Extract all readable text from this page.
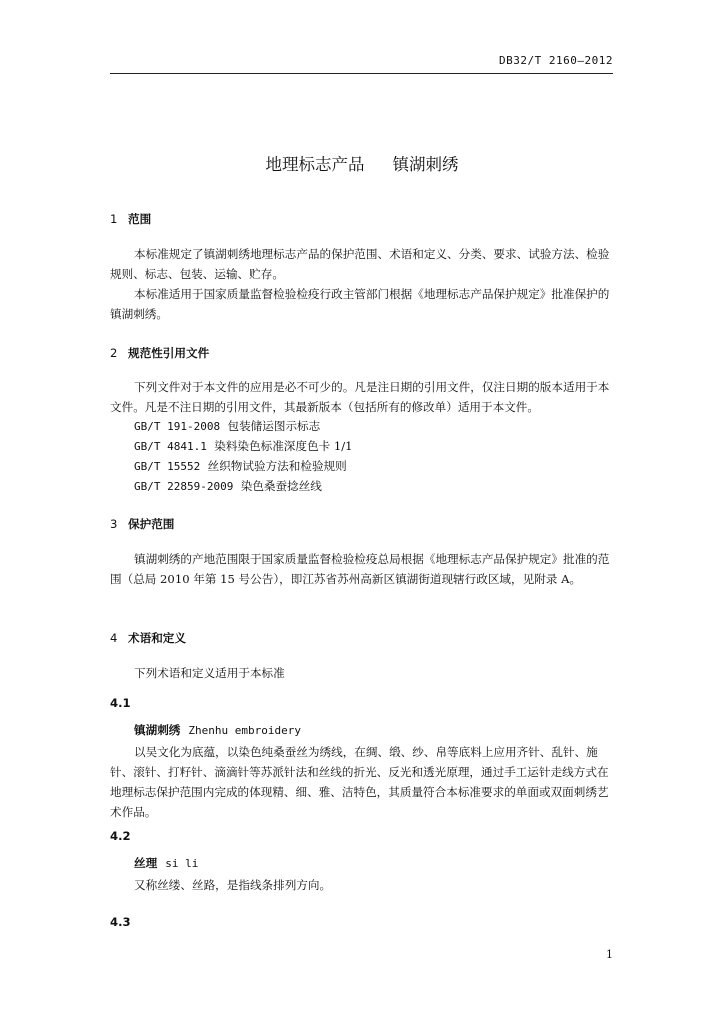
DB32/T 2160—2012
地理标志产品 镇湖刺绣
1 范围

本标准规定了镇湖刺绣地理标志产品的保护范围、术语和定义、分类、要求、试验方法、检验规则、标志、包装、运输、贮存。

本标准适用于国家质量监督检验检疫行政主管部门根据《地理标志产品保护规定》批准保护的镇湖刺绣。

2 规范性引用文件

下列文件对于本文件的应用是必不可少的。凡是注日期的引用文件，仅注日期的版本适用于本文件。凡是不注日期的引用文件，其最新版本（包括所有的修改单）适用于本文件。

GB/T 191-2008 包装储运图示标志
GB/T 4841.1 染料染色标准深度色卡 1/1
GB/T 15552 丝织物试验方法和检验规则
GB/T 22859-2009 染色桑蚕捻丝线
3 保护范围

镇湖刺绣的产地范围限于国家质量监督检验检疫总局根据《地理标志产品保护规定》批准的范围（总局 2010 年第 15 号公告），即江苏省苏州高新区镇湖街道现辖行政区域，见附录 A。

4 术语和定义

下列术语和定义适用于本标准

4.1
镇湖刺绣 Zhenhu embroidery

以吴文化为底蕴，以染色纯桑蚕丝为绣线，在绸、缎、纱、帛等底料上应用齐针、乱针、施针、滚针、打籽针、滴滴针等苏派针法和丝线的折光、反光和透光原理，通过手工运针走线方式在地理标志保护范围内完成的体现精、细、雅、洁特色，其质量符合本标准要求的单面或双面刺绣艺术作品。

4.2
丝理 si li

又称丝缕、丝路，是指线条排列方向。

4.3
1
